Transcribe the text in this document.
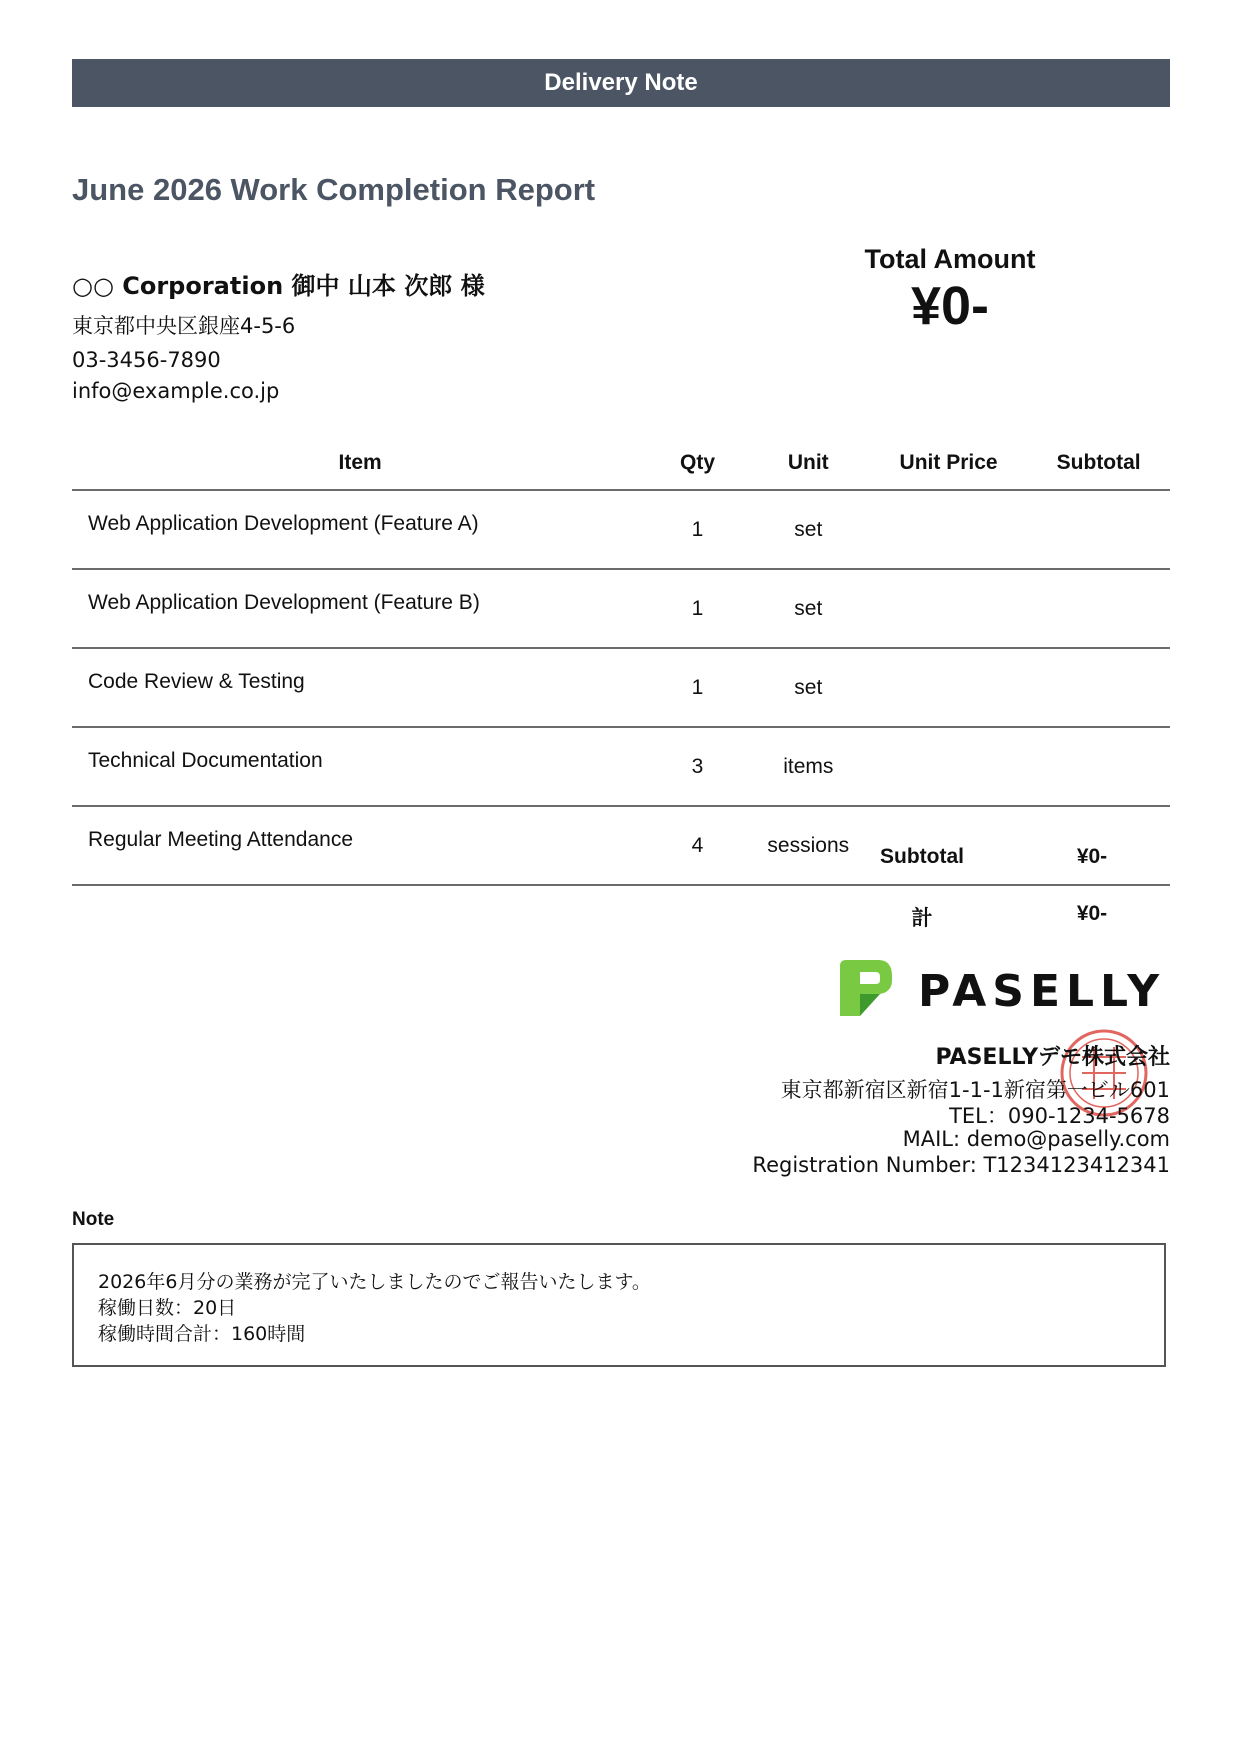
Delivery Note
June 2026 Work Completion Report
○○ Corporation 御中 山本 次郎 様
東京都中央区銀座4-5-6
03-3456-7890
info@example.co.jp
Total Amount
¥0-
Item	Qty	Unit	Unit Price	Subtotal
Web Application Development (Feature A)	1	set		
Web Application Development (Feature B)	1	set		
Code Review & Testing	1	set		
Technical Documentation	3	items		
Regular Meeting Attendance	4	sessions			Subtotal	¥0-
計	¥0-
PASELLY
PASELLYデモ株式会社
東京都新宿区新宿1-1-1新宿第一ビル601
TEL：090-1234-5678
MAIL: demo@paselly.com
Registration Number: T1234123412341
Note
2026年6月分の業務が完了いたしましたのでご報告いたします。
稼働日数：20日
稼働時間合計：160時間
